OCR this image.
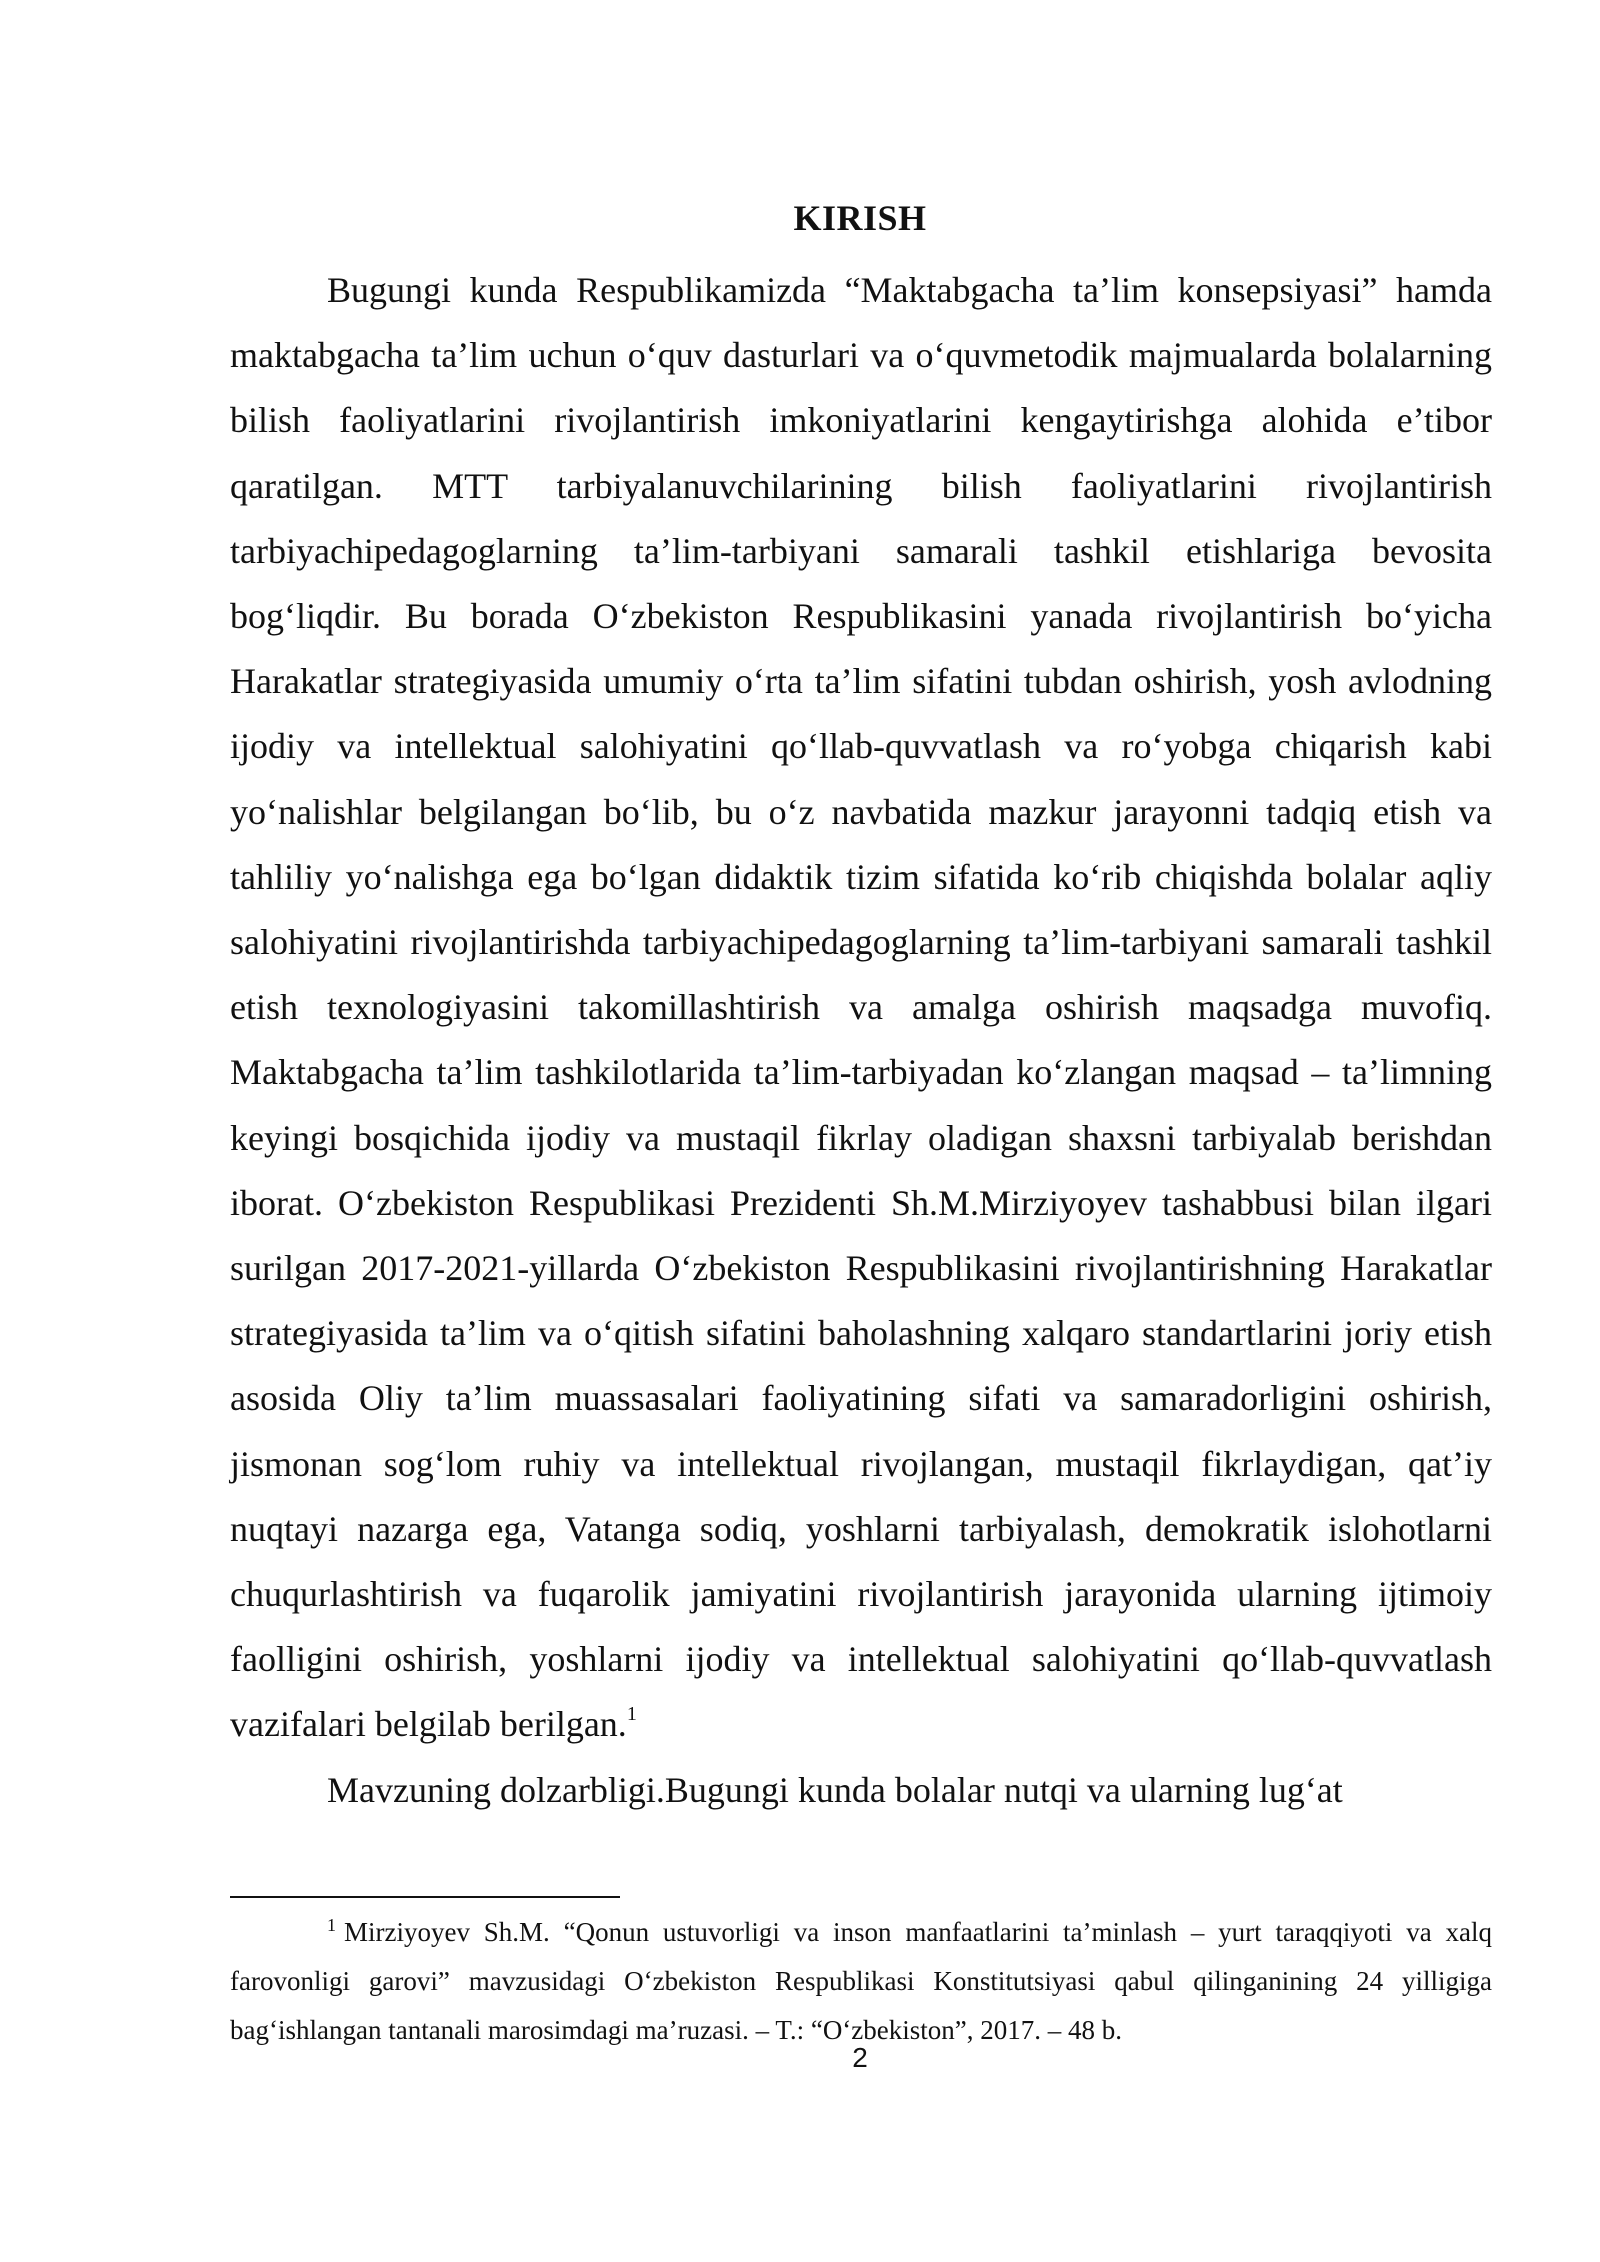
KIRISH

Bugungi kunda Respublikamizda “Maktabgacha ta’lim konsepsiyasi” hamda maktabgacha ta’lim uchun o‘quv dasturlari va o‘quvmetodik majmualarda bolalarning bilish faoliyatlarini rivojlantirish imkoniyatlarini kengaytirishga alohida e’tibor qaratilgan. MTT tarbiyalanuvchilarining bilish faoliyatlarini rivojlantirish tarbiyachipedagoglarning ta’lim-tarbiyani samarali tashkil etishlariga bevosita bog‘liqdir. Bu borada O‘zbekiston Respublikasini yanada rivojlantirish bo‘yicha Harakatlar strategiyasida umumiy o‘rta ta’lim sifatini tubdan oshirish, yosh avlodning ijodiy va intellektual salohiyatini qo‘llab-quvvatlash va ro‘yobga chiqarish kabi yo‘nalishlar belgilangan bo‘lib, bu o‘z navbatida mazkur jarayonni tadqiq etish va tahliliy yo‘nalishga ega bo‘lgan didaktik tizim sifatida ko‘rib chiqishda bolalar aqliy salohiyatini rivojlantirishda tarbiyachipedagoglarning ta’lim-tarbiyani samarali tashkil etish texnologiyasini takomillashtirish va amalga oshirish maqsadga muvofiq. Maktabgacha ta’lim tashkilotlarida ta’lim-tarbiyadan ko‘zlangan maqsad – ta’limning keyingi bosqichida ijodiy va mustaqil fikrlay oladigan shaxsni tarbiyalab berishdan iborat. O‘zbekiston Respublikasi Prezidenti Sh.M.Mirziyoyev tashabbusi bilan ilgari surilgan 2017-2021-yillarda O‘zbekiston Respublikasini rivojlantirishning Harakatlar strategiyasida ta’lim va o‘qitish sifatini baholashning xalqaro standartlarini joriy etish asosida Oliy ta’lim muassasalari faoliyatining sifati va samaradorligini oshirish, jismonan sog‘lom ruhiy va intellektual rivojlangan, mustaqil fikrlaydigan, qat’iy nuqtayi nazarga ega, Vatanga sodiq, yoshlarni tarbiyalash, demokratik islohotlarni chuqurlashtirish va fuqarolik jamiyatini rivojlantirish jarayonida ularning ijtimoiy faolligini oshirish, yoshlarni ijodiy va intellektual salohiyatini qo‘llab-quvvatlash vazifalari belgilab berilgan.$^1$

Mavzuning dolzarbligi.Bugungi kunda bolalar nutqi va ularning lug‘at

$^1$ Mirziyoyev Sh.M. “Qonun ustuvorligi va inson manfaatlarini ta’minlash – yurt taraqqiyoti va xalq farovonligi garovi” mavzusidagi O‘zbekiston Respublikasi Konstitutsiyasi qabul qilinganining 24 yilligiga bag‘ishlangan tantanali marosimdagi ma’ruzasi. – T.: “O‘zbekiston”, 2017. – 48 b.

2
